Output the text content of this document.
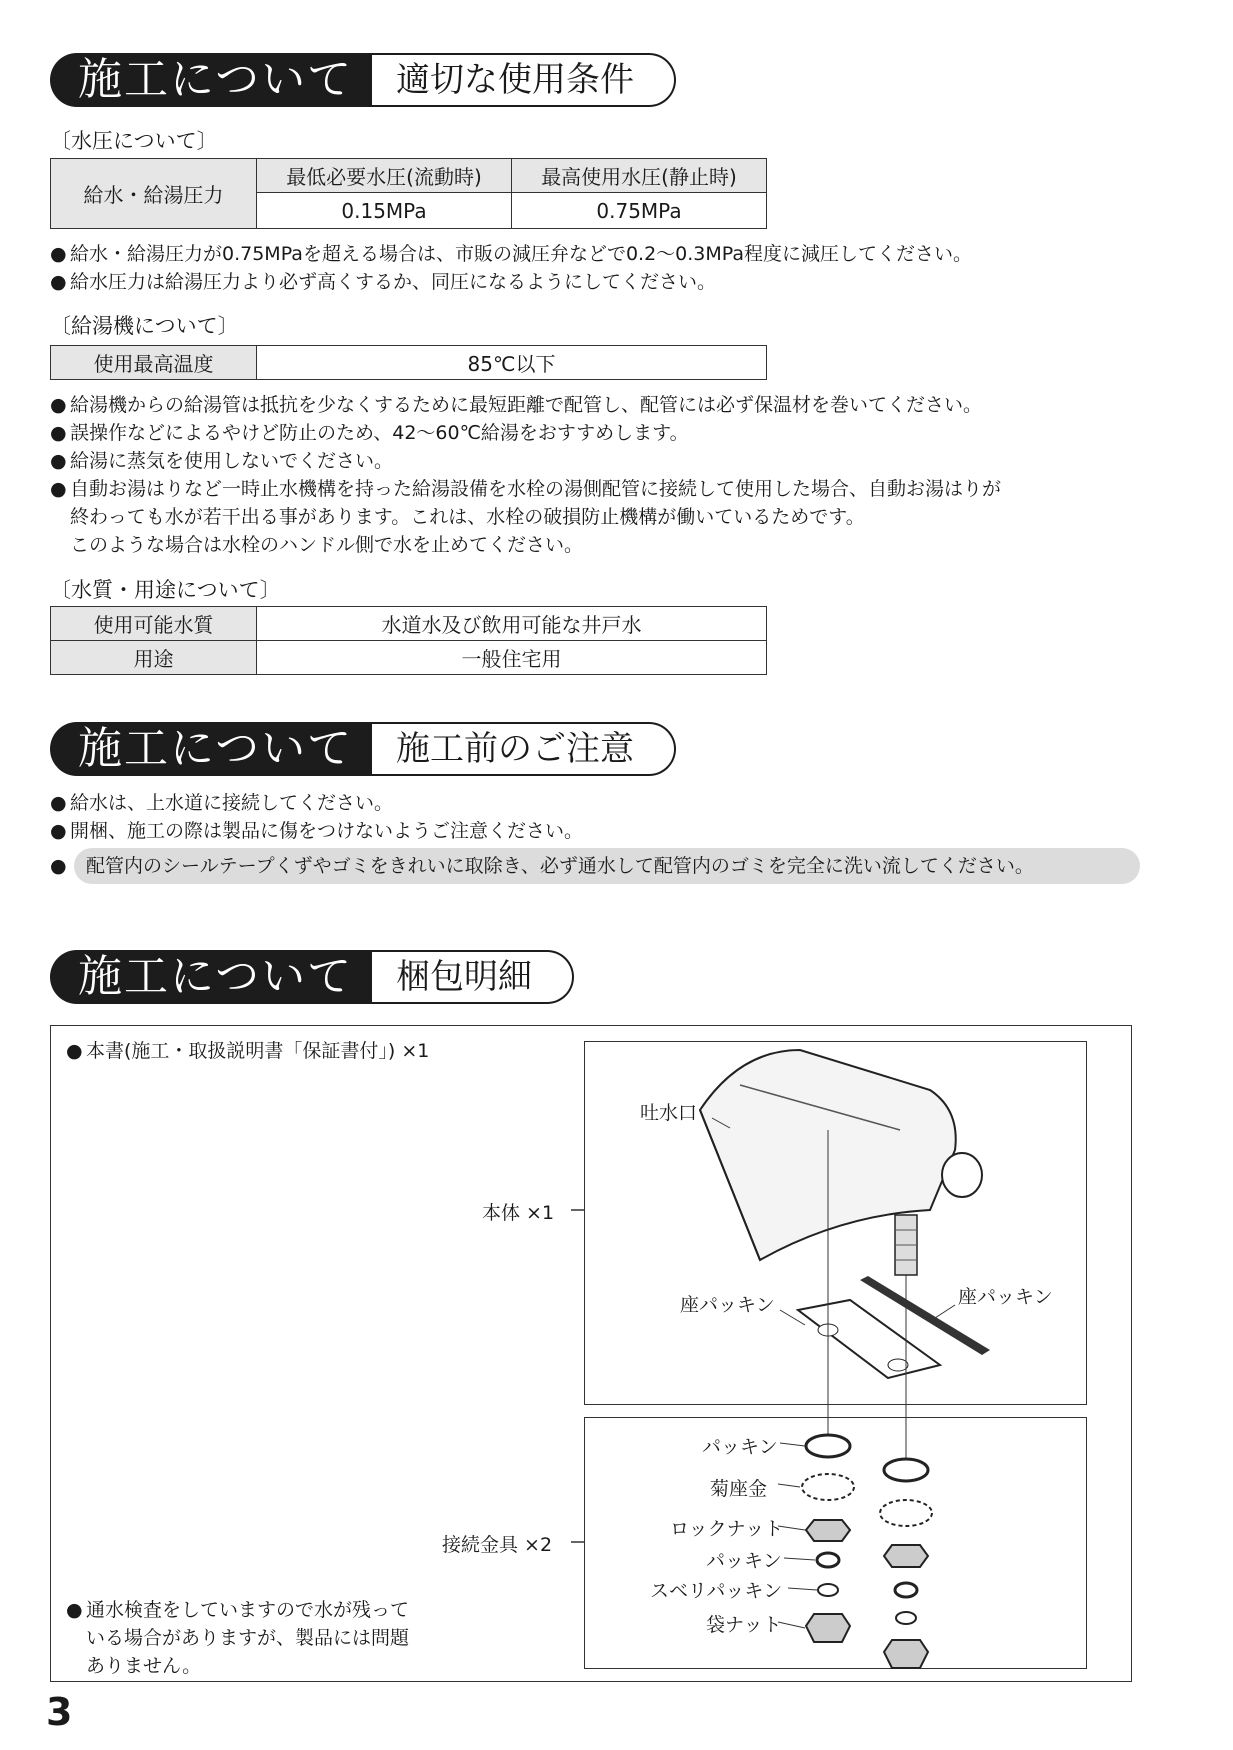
施工について	適切な使用条件
〔水圧について〕
給水・給湯圧力	最低必要水圧(流動時)	最高使用水圧(静止時)
	0.15MPa	0.75MPa
● 給水・給湯圧力が0.75MPaを超える場合は、市販の減圧弁などで0.2〜0.3MPa程度に減圧してください。
● 給水圧力は給湯圧力より必ず高くするか、同圧になるようにしてください。
〔給湯機について〕
使用最高温度	85℃以下
● 給湯機からの給湯管は抵抗を少なくするために最短距離で配管し、配管には必ず保温材を巻いてください。
● 誤操作などによるやけど防止のため、42〜60℃給湯をおすすめします。
● 給湯に蒸気を使用しないでください。
● 自動お湯はりなど一時止水機構を持った給湯設備を水栓の湯側配管に接続して使用した場合、自動お湯はりが
終わっても水が若干出る事があります。これは、水栓の破損防止機構が働いているためです。
このような場合は水栓のハンドル側で水を止めてください。
〔水質・用途について〕
使用可能水質	水道水及び飲用可能な井戸水
用途	一般住宅用
施工について	施工前のご注意
● 給水は、上水道に接続してください。
● 開梱、施工の際は製品に傷をつけないようご注意ください。
●	配管内のシールテープくずやゴミをきれいに取除き、必ず通水して配管内のゴミを完全に洗い流してください。
施工について	梱包明細
● 本書(施工・取扱説明書「保証書付」) ×1
本体 ×1
接続金具 ×2
吐水口
座パッキン	座パッキン
パッキン
菊座金
ロックナット
パッキン
スベリパッキン
袋ナット
● 通水検査をしていますので水が残って
いる場合がありますが、製品には問題
ありません。
3
